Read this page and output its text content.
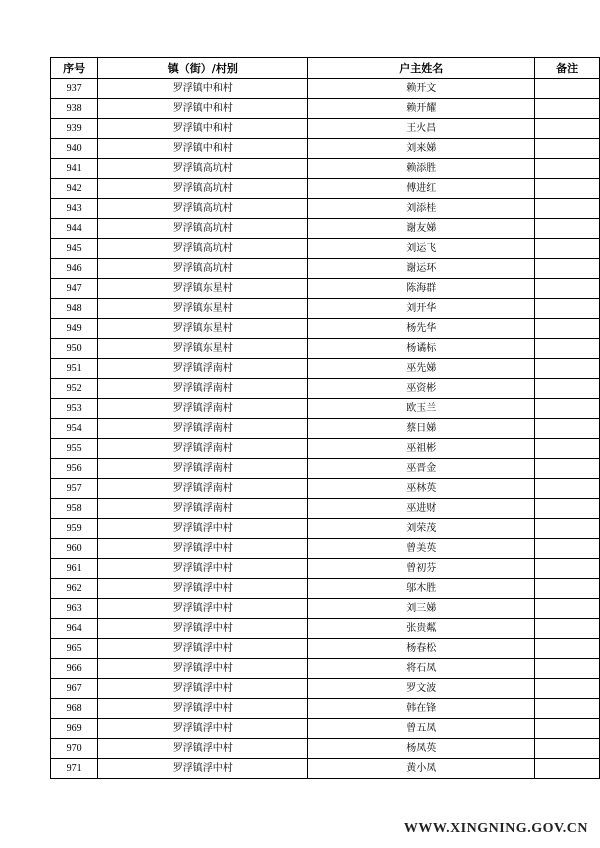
序号	镇（街）/村别	户主姓名	备注
937	罗浮镇中和村	赖开文	
938	罗浮镇中和村	赖开耀	
939	罗浮镇中和村	王火昌	
940	罗浮镇中和村	刘来娣	
941	罗浮镇高坑村	赖添胜	
942	罗浮镇高坑村	傅进红	
943	罗浮镇高坑村	刘添桂	
944	罗浮镇高坑村	谢友娣	
945	罗浮镇高坑村	刘运飞	
946	罗浮镇高坑村	谢运环	
947	罗浮镇东星村	陈海群	
948	罗浮镇东星村	刘开华	
949	罗浮镇东星村	杨先华	
950	罗浮镇东星村	杨谲标	
951	罗浮镇浮南村	巫先娣	
952	罗浮镇浮南村	巫资彬	
953	罗浮镇浮南村	欧玉兰	
954	罗浮镇浮南村	蔡日娣	
955	罗浮镇浮南村	巫祖彬	
956	罗浮镇浮南村	巫晋金	
957	罗浮镇浮南村	巫林英	
958	罗浮镇浮南村	巫进财	
959	罗浮镇浮中村	刘荣茂	
960	罗浮镇浮中村	曾美英	
961	罗浮镇浮中村	曾初芬	
962	罗浮镇浮中村	邬木胜	
963	罗浮镇浮中村	刘三娣	
964	罗浮镇浮中村	张贵粼	
965	罗浮镇浮中村	杨春松	
966	罗浮镇浮中村	将石凤	
967	罗浮镇浮中村	罗文波	
968	罗浮镇浮中村	韩在锋	
969	罗浮镇浮中村	曾五凤	
970	罗浮镇浮中村	杨凤英	
971	罗浮镇浮中村	黄小凤	
WWW.XINGNING.GOV.CN
